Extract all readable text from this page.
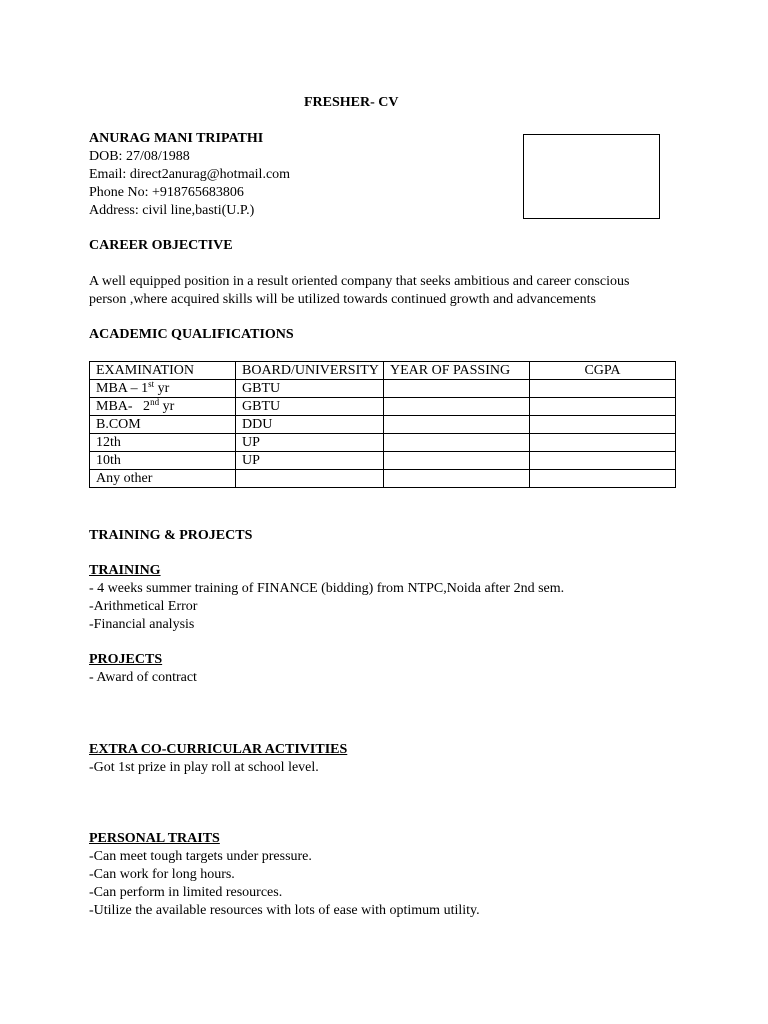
FRESHER- CV
ANURAG MANI TRIPATHI
DOB: 27/08/1988
Email: direct2anurag@hotmail.com
Phone No: +918765683806
Address: civil line,basti(U.P.)
CAREER OBJECTIVE
A well equipped position in a result oriented company that seeks ambitious and career conscious
person ,where acquired skills will be utilized towards continued growth and advancements
ACADEMIC QUALIFICATIONS
EXAMINATION	BOARD/UNIVERSITY	YEAR OF PASSING	CGPA
MBA – 1st yr	GBTU		
MBA-   2nd yr	GBTU		
B.COM	DDU		
12th	UP		
10th	UP		
Any other			
TRAINING & PROJECTS
TRAINING
- 4 weeks summer training of FINANCE (bidding) from NTPC,Noida after 2nd sem.
-Arithmetical Error
-Financial analysis
PROJECTS
- Award of contract
EXTRA CO-CURRICULAR ACTIVITIES
-Got 1st prize in play roll at school level.
PERSONAL TRAITS
-Can meet tough targets under pressure.
-Can work for long hours.
-Can perform in limited resources.
-Utilize the available resources with lots of ease with optimum utility.
